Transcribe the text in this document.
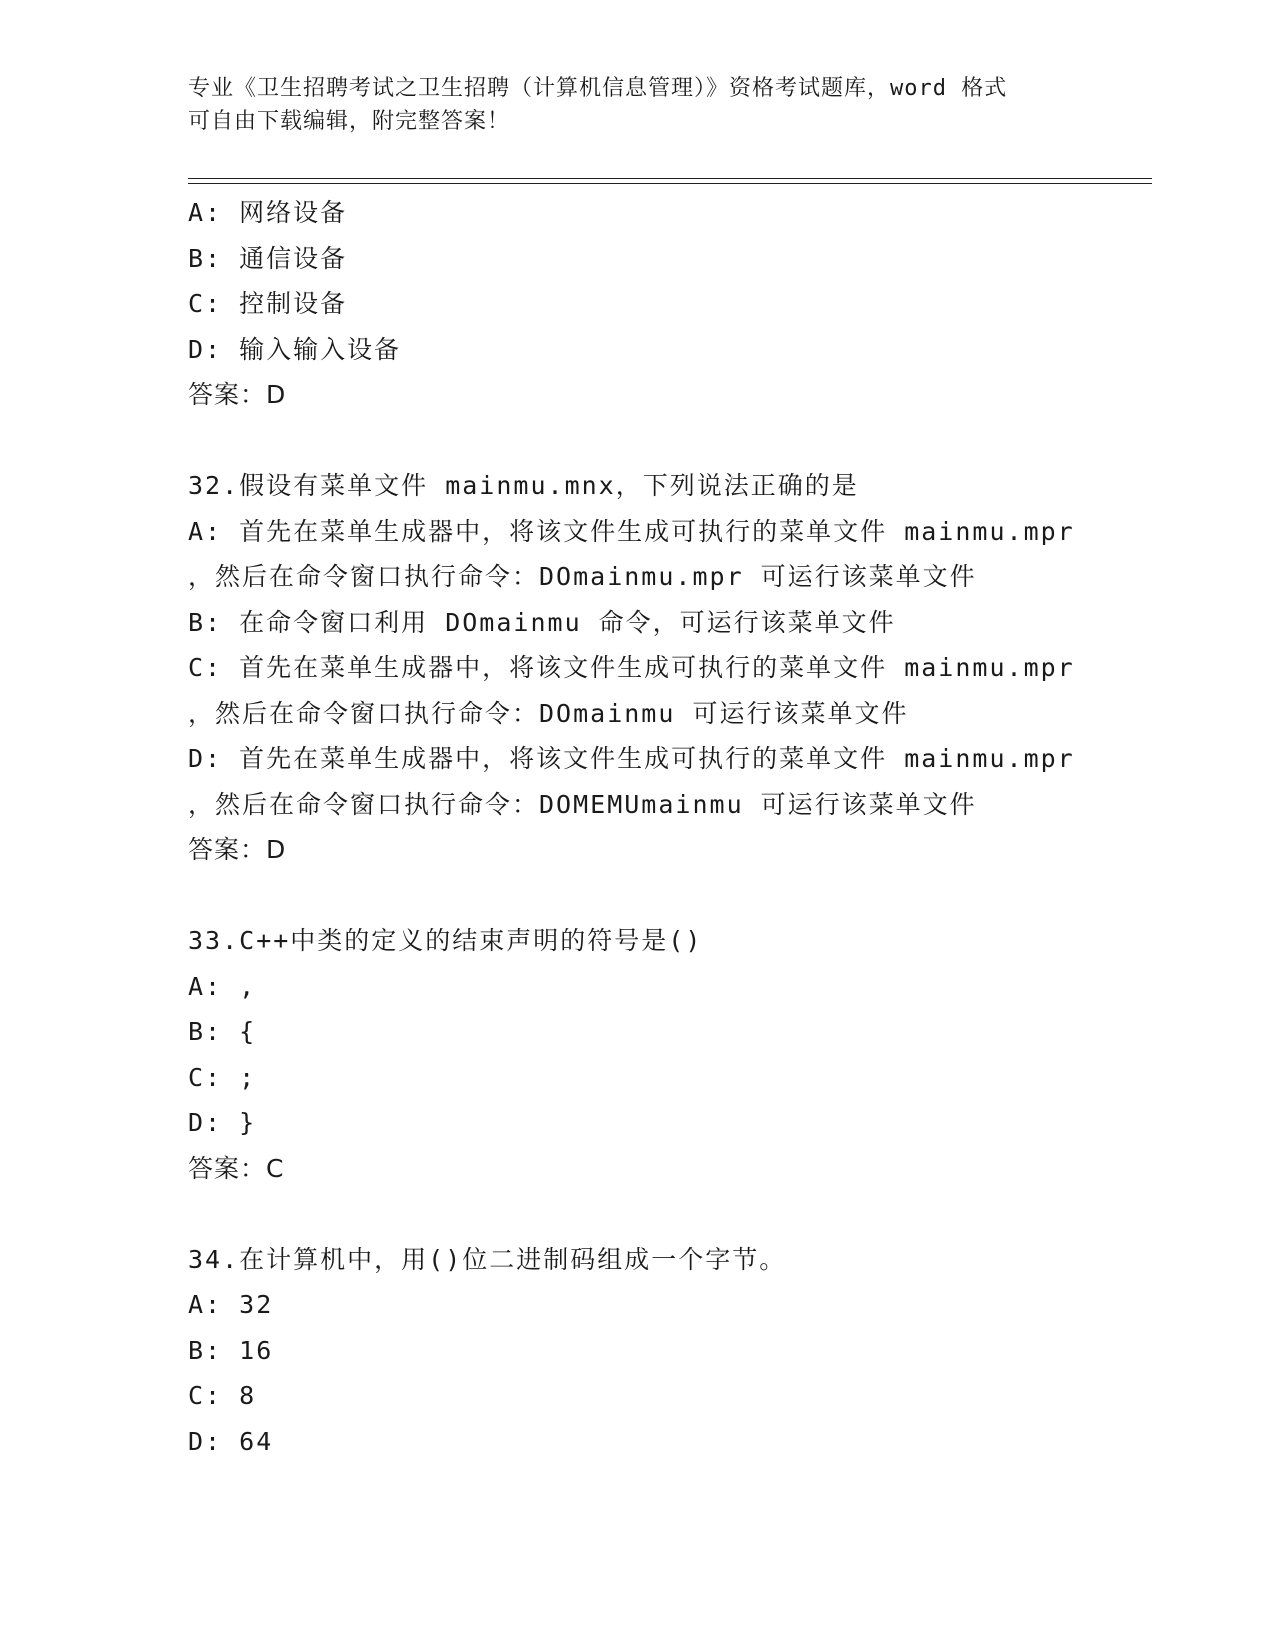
专业《卫生招聘考试之卫生招聘（计算机信息管理）》资格考试题库，word 格式
可自由下载编辑，附完整答案！
A: 网络设备
B: 通信设备
C: 控制设备
D: 输入输入设备
答案：D
32.假设有菜单文件 mainmu.mnx，下列说法正确的是
A: 首先在菜单生成器中，将该文件生成可执行的菜单文件 mainmu.mpr
，然后在命令窗口执行命令：DOmainmu.mpr 可运行该菜单文件
B: 在命令窗口利用 DOmainmu 命令，可运行该菜单文件
C: 首先在菜单生成器中，将该文件生成可执行的菜单文件 mainmu.mpr
，然后在命令窗口执行命令：DOmainmu 可运行该菜单文件
D: 首先在菜单生成器中，将该文件生成可执行的菜单文件 mainmu.mpr
，然后在命令窗口执行命令：DOMEMUmainmu 可运行该菜单文件
答案：D
33.C++中类的定义的结束声明的符号是()
A: ,
B: {
C: ;
D: }
答案：C
34.在计算机中，用()位二进制码组成一个字节。
A: 32
B: 16
C: 8
D: 64
